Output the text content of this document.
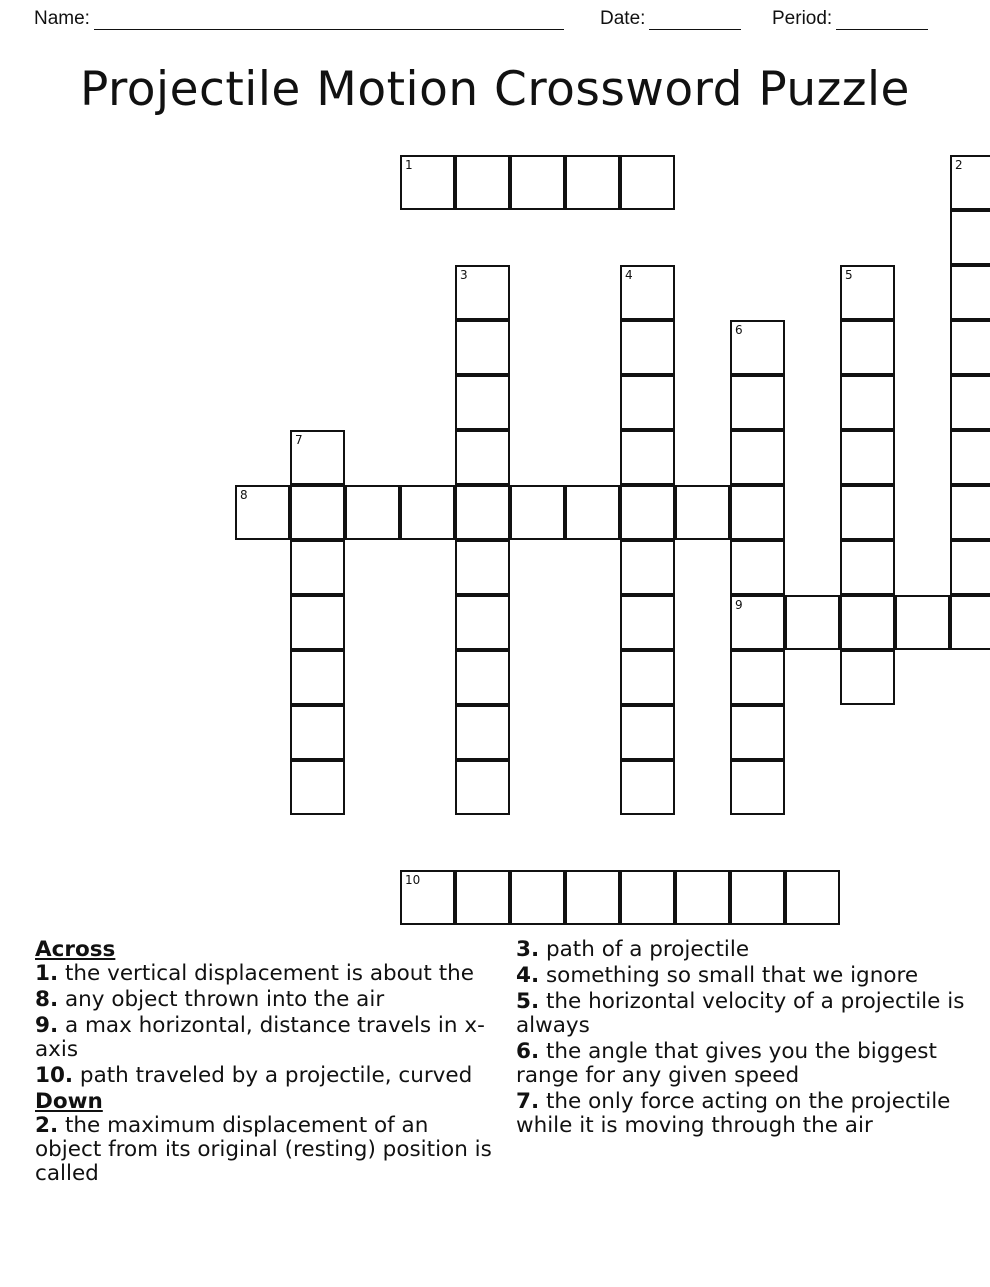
Name:	Date:	Period:
Projectile Motion Crossword Puzzle
1	2
3	4	5
6
9
7
8
10

Across

1. the vertical displacement is about the

8. any object thrown into the air

9. a max horizontal, distance travels in x-axis

10. path traveled by a projectile, curved

Down

2. the maximum displacement of an object from its original (resting) position is called

3. path of a projectile

4. something so small that we ignore

5. the horizontal velocity of a projectile is always

6. the angle that gives you the biggest range for any given speed

7. the only force acting on the projectile while it is moving through the air
